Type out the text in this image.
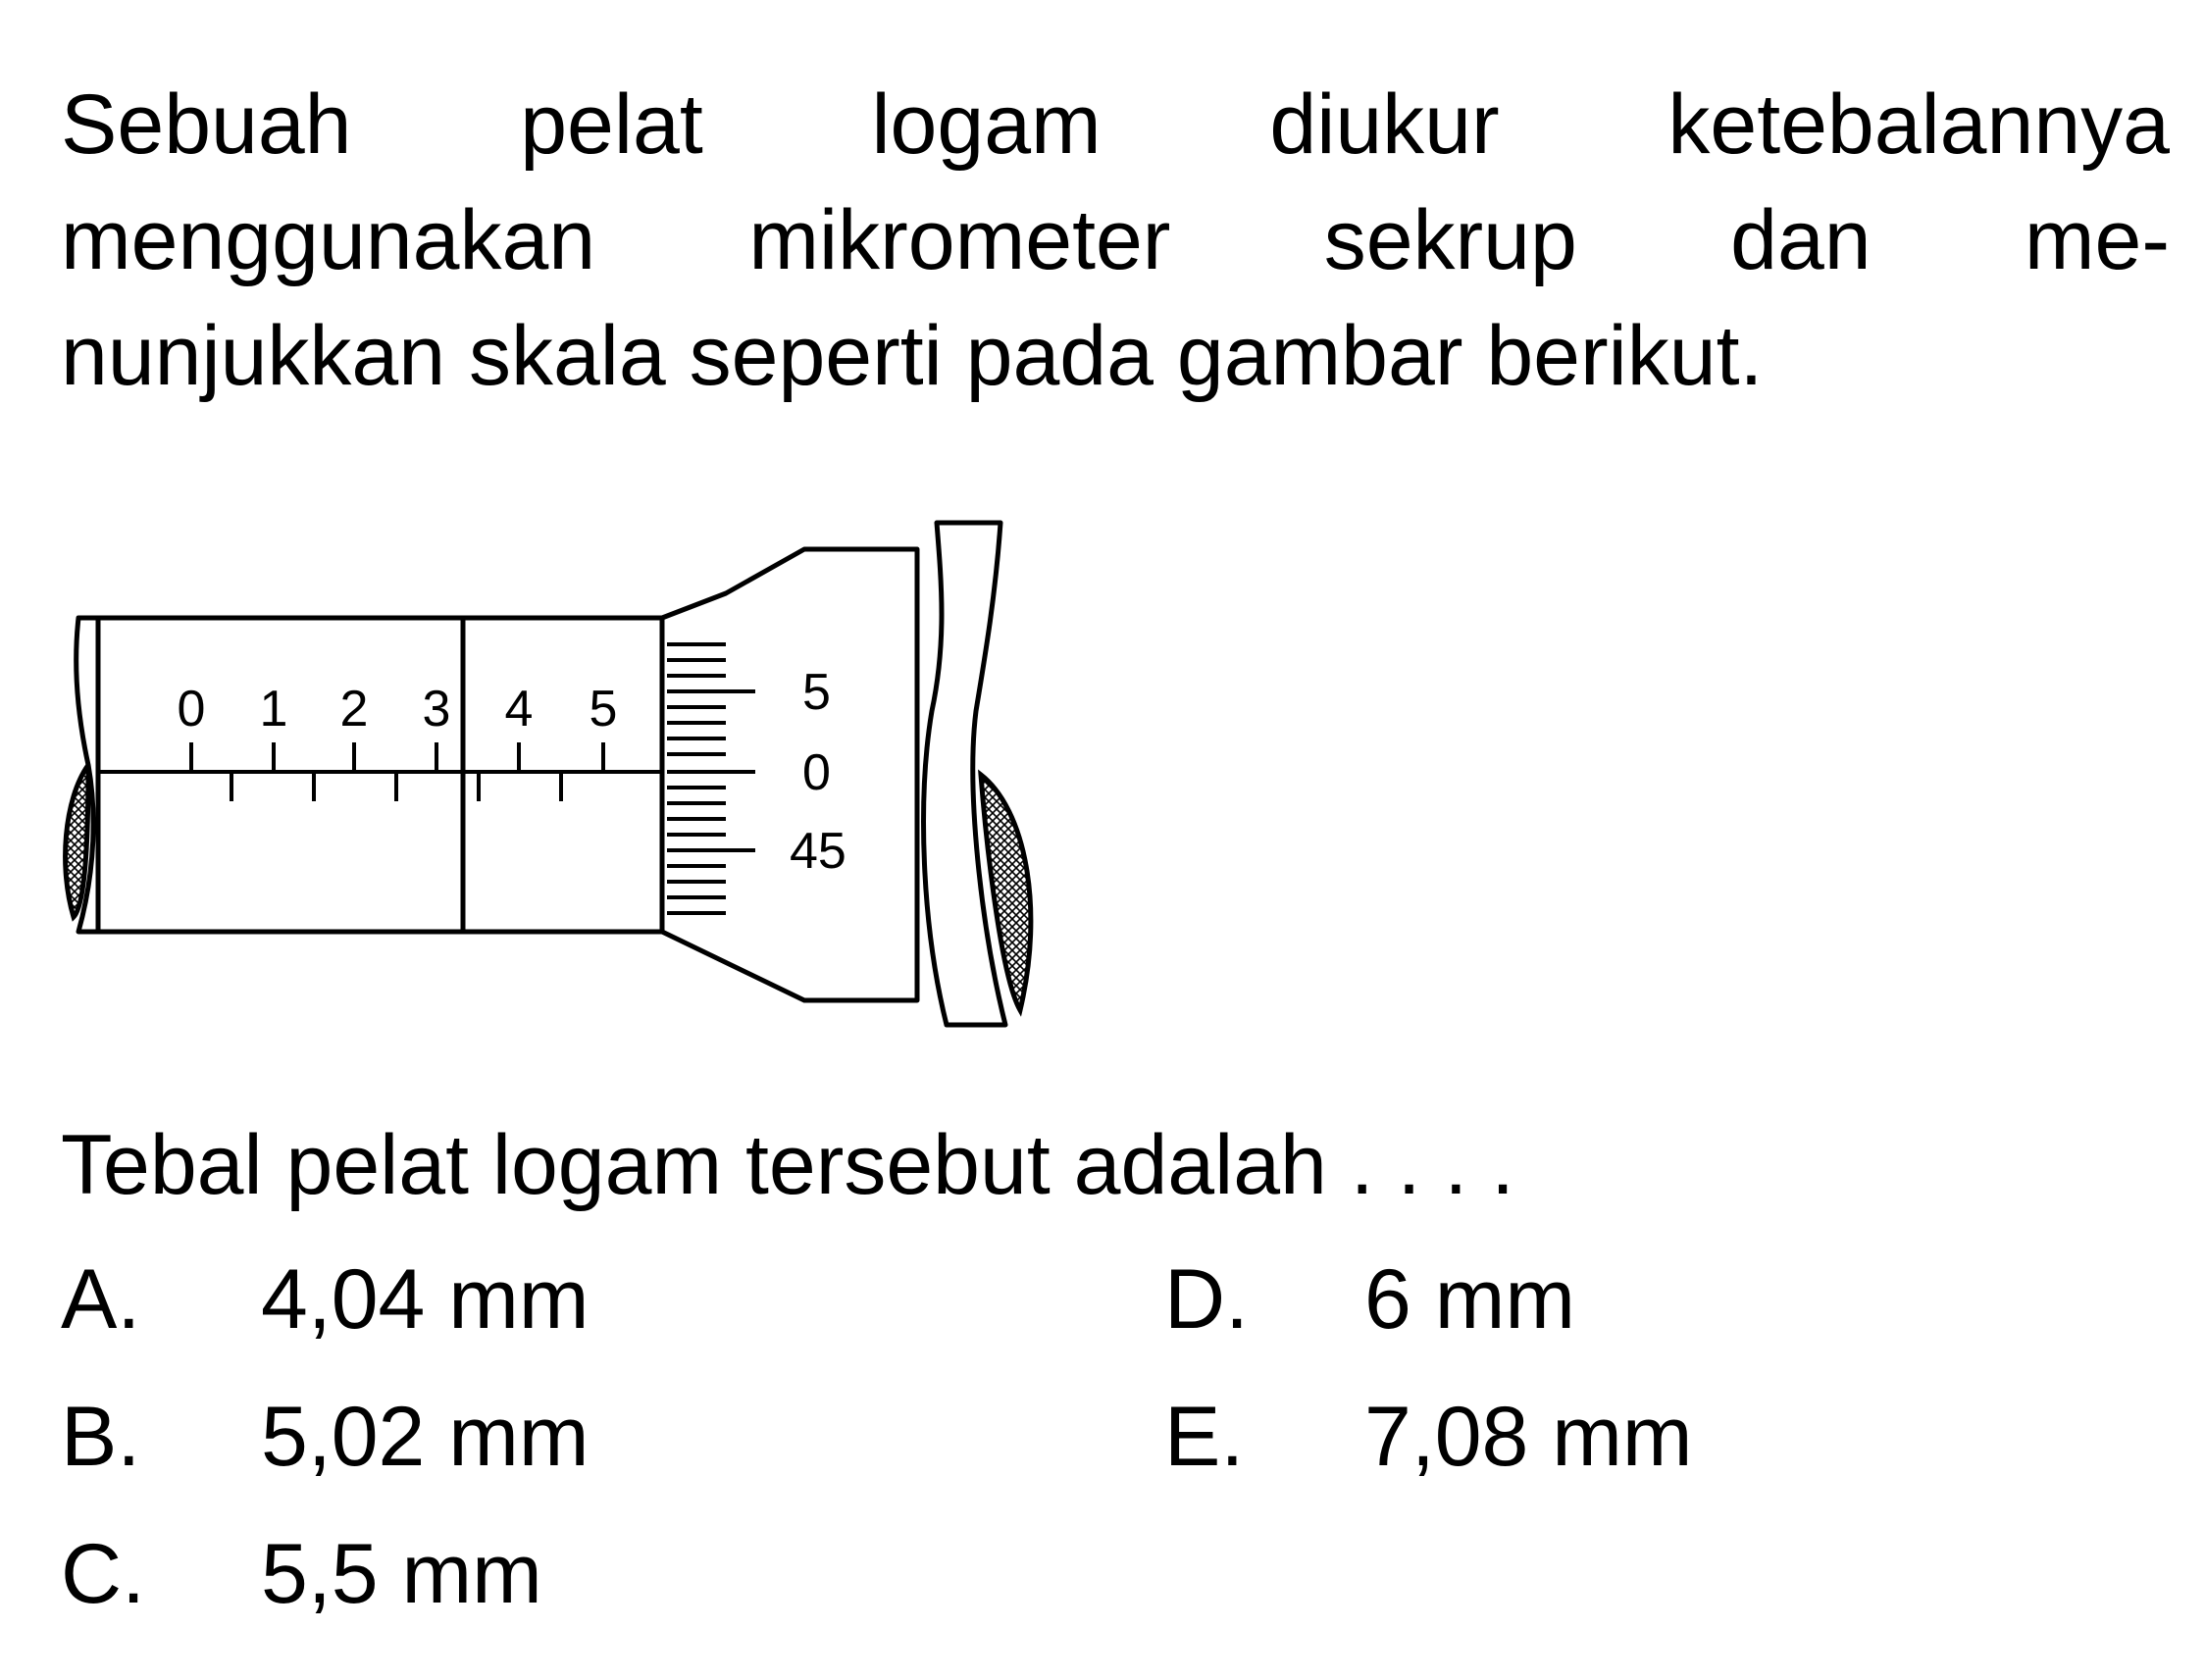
Sebuah pelat logam diukur ketebalannya
menggunakan mikrometer sekrup dan me-
nunjukkan skala seperti pada gambar berikut.
0 1 2 3 4 5	5
0
45
Tebal pelat logam tersebut adalah . . . .
A. 4,04 mm
B. 5,02 mm
C. 5,5 mm
D. 6 mm
E. 7,08 mm
